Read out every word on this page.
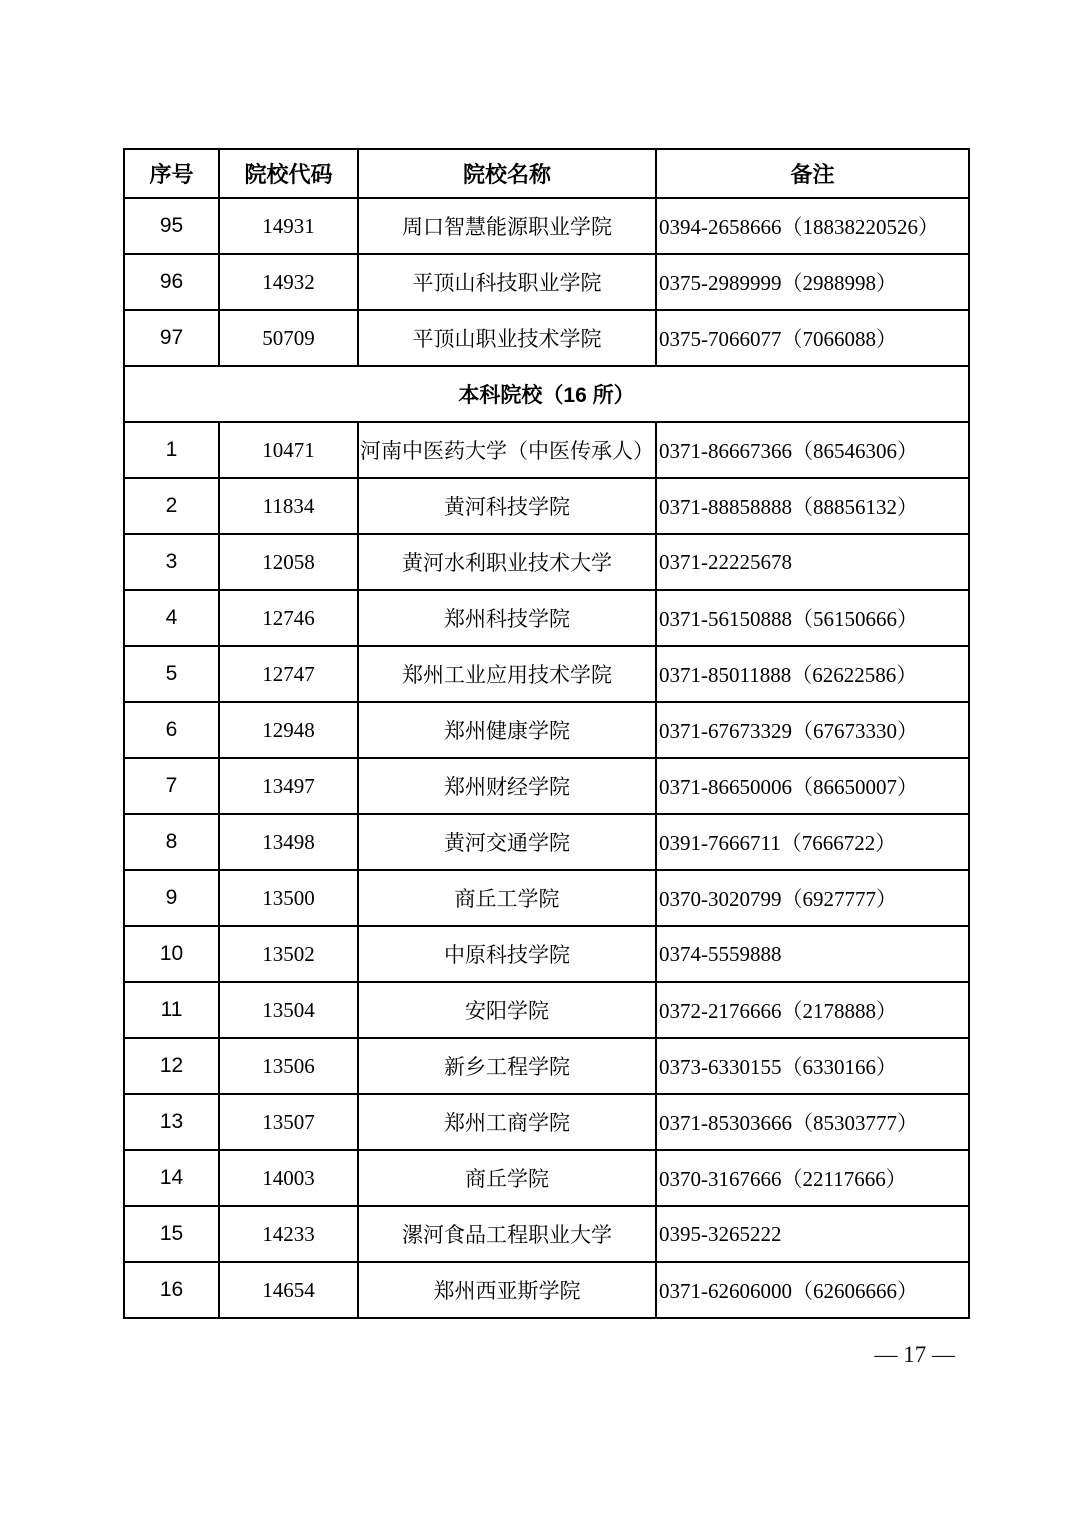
序号	院校代码	院校名称	备注
95	14931	周口智慧能源职业学院	0394-2658666（18838220526）
96	14932	平顶山科技职业学院	0375-2989999（2988998）
97	50709	平顶山职业技术学院	0375-7066077（7066088）
本科院校（16 所）			
1	10471	河南中医药大学（中医传承人）	0371-86667366（86546306）
2	11834	黄河科技学院	0371-88858888（88856132）
3	12058	黄河水利职业技术大学	0371-22225678
4	12746	郑州科技学院	0371-56150888（56150666）
5	12747	郑州工业应用技术学院	0371-85011888（62622586）
6	12948	郑州健康学院	0371-67673329（67673330）
7	13497	郑州财经学院	0371-86650006（86650007）
8	13498	黄河交通学院	0391-7666711（7666722）
9	13500	商丘工学院	0370-3020799（6927777）
10	13502	中原科技学院	0374-5559888
11	13504	安阳学院	0372-2176666（2178888）
12	13506	新乡工程学院	0373-6330155（6330166）
13	13507	郑州工商学院	0371-85303666（85303777）
14	14003	商丘学院	0370-3167666（22117666）
15	14233	漯河食品工程职业大学	0395-3265222
16	14654	郑州西亚斯学院	0371-62606000（62606666）
— 17 —
